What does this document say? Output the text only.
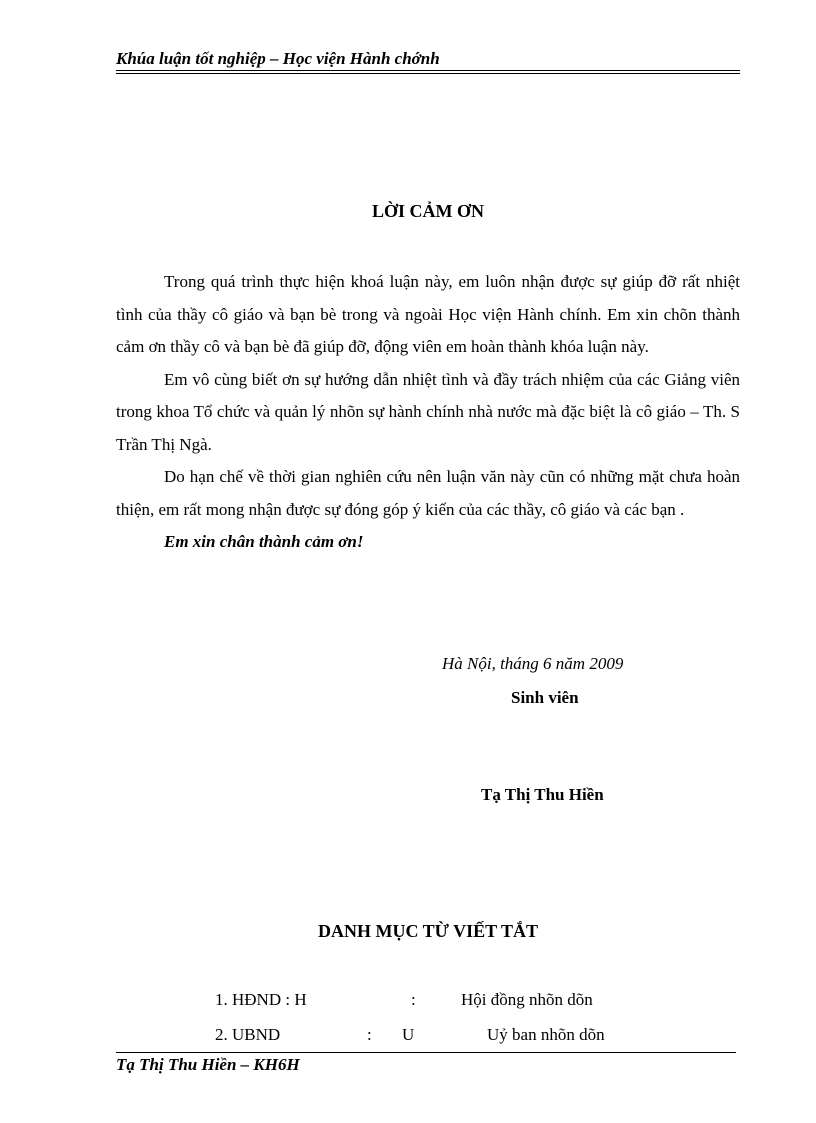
Khúa luận tốt nghiệp – Học viện Hành chớnh
LỜI CẢM ƠN

Trong quá trình thực hiện khoá luận này, em luôn nhận được sự giúp đỡ rất nhiệt tình của thầy cô giáo và bạn bè trong và ngoài Học viện Hành chính. Em xin chõn thành cảm ơn thầy cô và bạn bè đã giúp đỡ, động viên em hoàn thành khóa luận này.

Em vô cùng biết ơn sự hướng dẫn nhiệt tình và đầy trách nhiệm của các Giảng viên trong khoa Tổ chức và quản lý nhõn sự hành chính nhà nước mà đặc biệt là cô giáo – Th. S Trần Thị Ngà.

Do hạn chế về thời gian nghiên cứu nên luận văn này cũn có những mặt chưa hoàn thiện, em rất mong nhận được sự đóng góp ý kiến của các thầy, cô giáo và các bạn .

Em xin chân thành cảm ơn!

Hà Nội, tháng 6 năm 2009
Sinh viên
Tạ Thị Thu Hiền
DANH MỤC TỪ VIẾT TẮT
1. HĐND : H	:	Hội đồng nhõn dõn
2. UBND	: U	Uỷ ban nhõn dõn
Tạ Thị Thu Hiền – KH6H
